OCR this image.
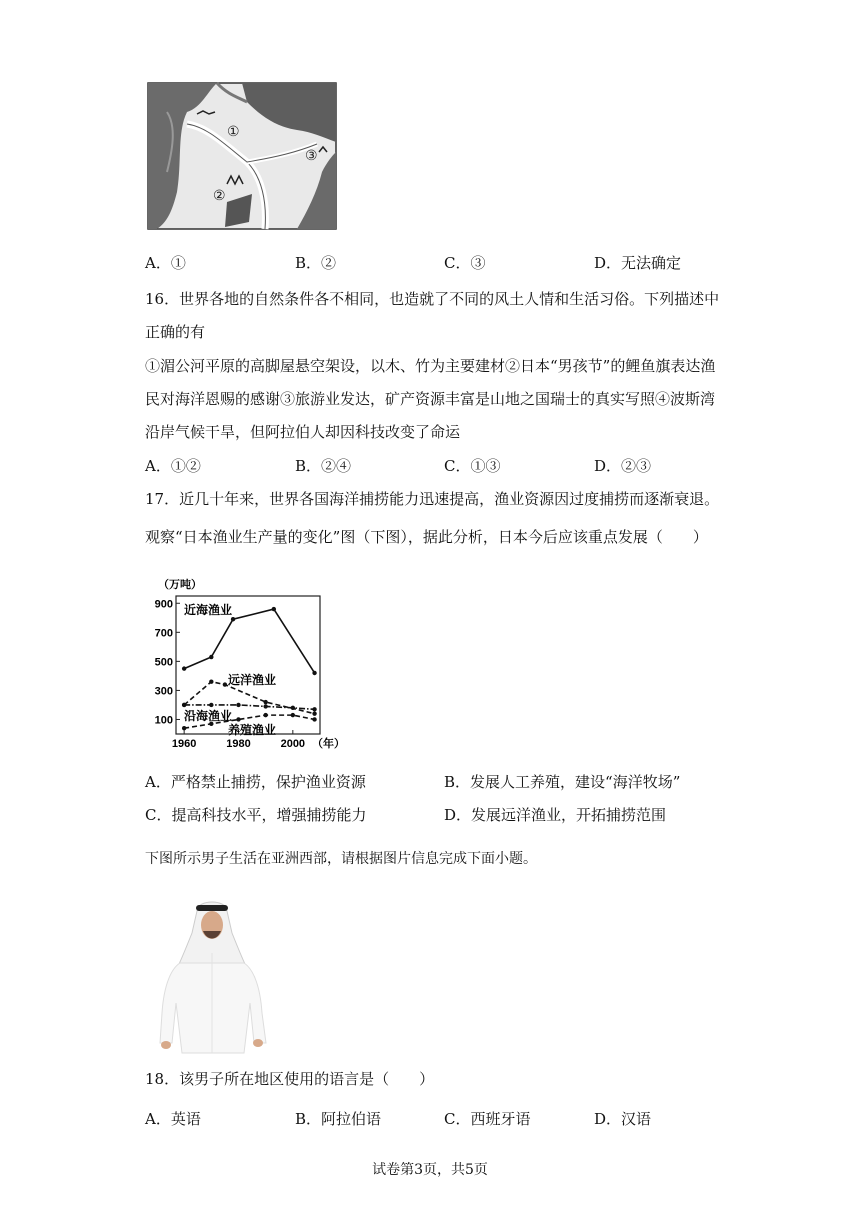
①
②
③
A．①	B．②	C．③	D．无法确定
16．世界各地的自然条件各不相同，也造就了不同的风土人情和生活习俗。下列描述中
正确的有
①湄公河平原的高脚屋悬空架设，以木、竹为主要建材②日本“男孩节”的鲤鱼旗表达渔
民对海洋恩赐的感谢③旅游业发达，矿产资源丰富是山地之国瑞士的真实写照④波斯湾
沿岸气候干旱，但阿拉伯人却因科技改变了命运
A．①②	B．②④	C．①③	D．②③
17．近几十年来，世界各国海洋捕捞能力迅速提高，渔业资源因过度捕捞而逐渐衰退。
观察“日本渔业生产量的变化”图（下图），据此分析，日本今后应该重点发展（　　）
100
300
500
700
900
1960	1980	2000
（万吨）
（年）
近海渔业
远洋渔业
沿海渔业
养殖渔业
A．严格禁止捕捞，保护渔业资源	B．发展人工养殖，建设“海洋牧场”
C．提高科技水平，增强捕捞能力	D．发展远洋渔业，开拓捕捞范围
下图所示男子生活在亚洲西部，请根据图片信息完成下面小题。
18．该男子所在地区使用的语言是（　　）
A．英语	B．阿拉伯语	C．西班牙语	D．汉语
试卷第3页，共5页
